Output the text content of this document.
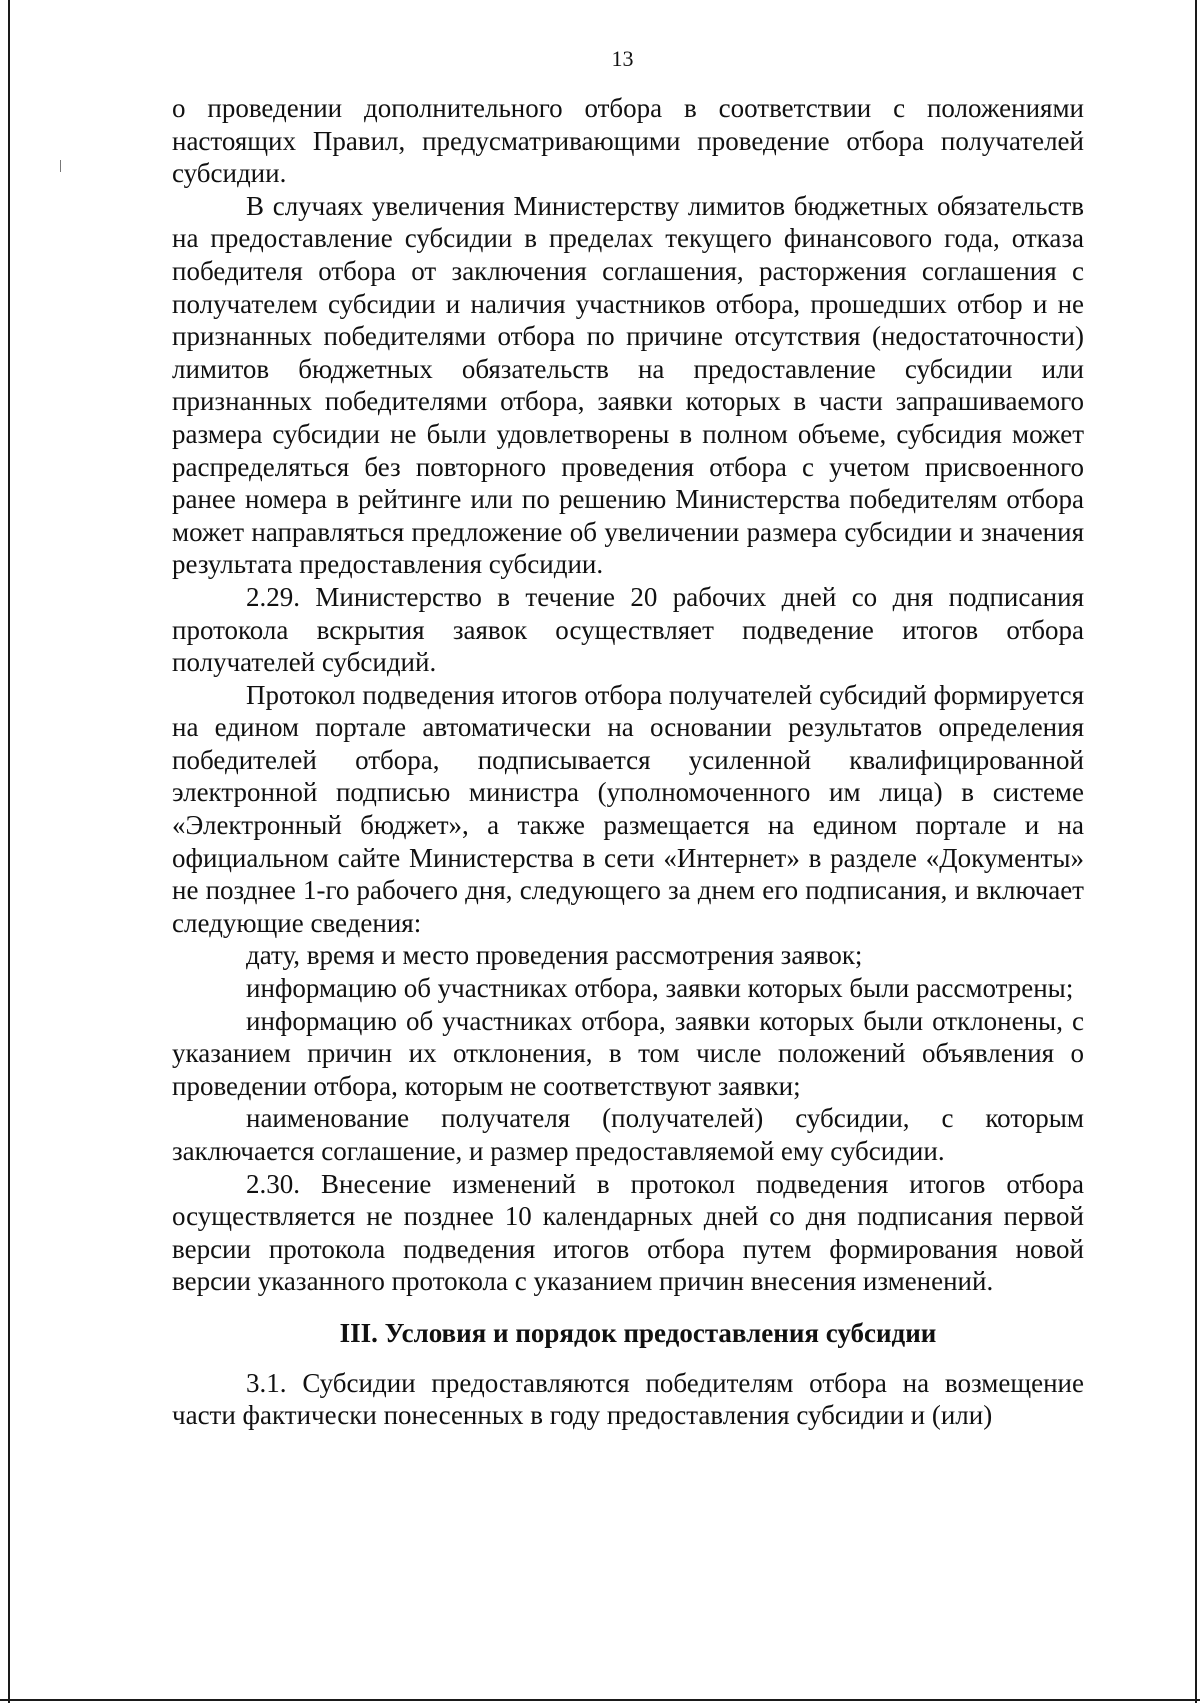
13

о проведении дополнительного отбора в соответствии с положениями настоящих Правил, предусматривающими проведение отбора получателей субсидии.

В случаях увеличения Министерству лимитов бюджетных обязательств на предоставление субсидии в пределах текущего финансового года, отказа победителя отбора от заключения соглашения, расторжения соглашения с получателем субсидии и наличия участников отбора, прошедших отбор и не признанных победителями отбора по причине отсутствия (недостаточности) лимитов бюджетных обязательств на предоставление субсидии или признанных победителями отбора, заявки которых в части запрашиваемого размера субсидии не были удовлетворены в полном объеме, субсидия может распределяться без повторного проведения отбора с учетом присвоенного ранее номера в рейтинге или по решению Министерства победителям отбора может направляться предложение об увеличении размера субсидии и значения результата предоставления субсидии.

2.29. Министерство в течение 20 рабочих дней со дня подписания протокола вскрытия заявок осуществляет подведение итогов отбора получателей субсидий.

Протокол подведения итогов отбора получателей субсидий формируется на едином портале автоматически на основании результатов определения победителей отбора, подписывается усиленной квалифицированной электронной подписью министра (уполномоченного им лица) в системе «Электронный бюджет», а также размещается на едином портале и на официальном сайте Министерства в сети «Интернет» в разделе «Документы» не позднее 1-го рабочего дня, следующего за днем его подписания, и включает следующие сведения:

дату, время и место проведения рассмотрения заявок;

информацию об участниках отбора, заявки которых были рассмотрены;

информацию об участниках отбора, заявки которых были отклонены, с указанием причин их отклонения, в том числе положений объявления о проведении отбора, которым не соответствуют заявки;

наименование получателя (получателей) субсидии, с которым заключается соглашение, и размер предоставляемой ему субсидии.

2.30. Внесение изменений в протокол подведения итогов отбора осуществляется не позднее 10 календарных дней со дня подписания первой версии протокола подведения итогов отбора путем формирования новой версии указанного протокола с указанием причин внесения изменений.

III. Условия и порядок предоставления субсидии

3.1. Субсидии предоставляются победителям отбора на возмещение части фактически понесенных в году предоставления субсидии и (или)
